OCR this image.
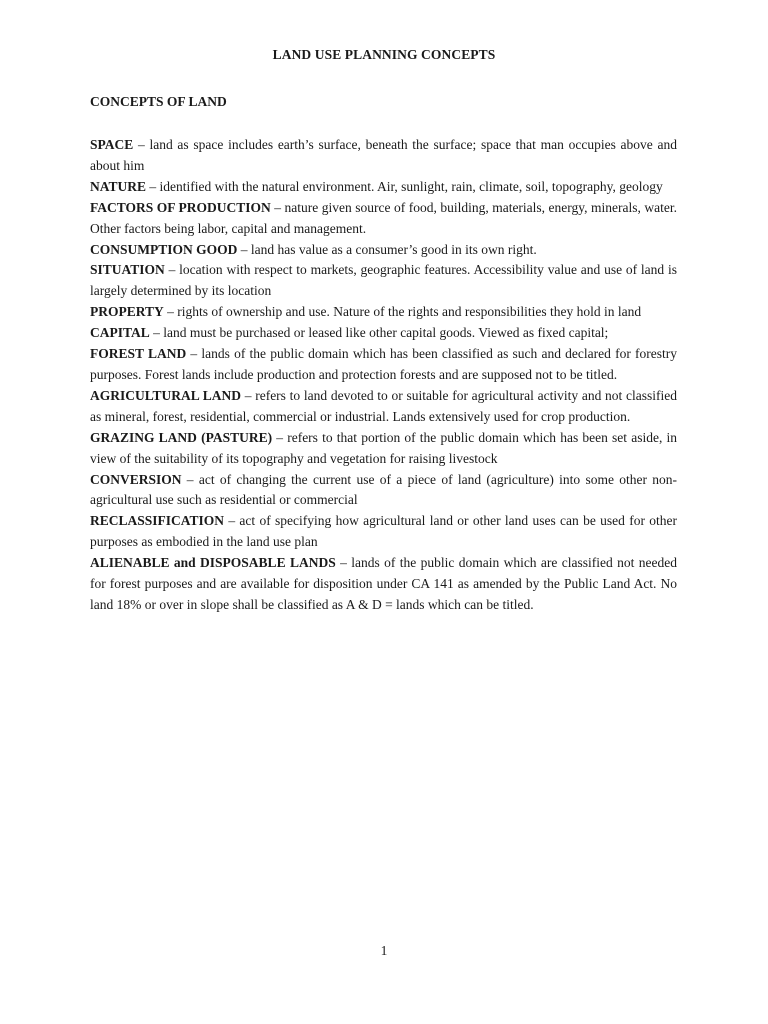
LAND USE PLANNING CONCEPTS
CONCEPTS OF LAND

SPACE – land as space includes earth’s surface, beneath the surface; space that man occupies above and about him

NATURE – identified with the natural environment. Air, sunlight, rain, climate, soil, topography, geology

FACTORS OF PRODUCTION – nature given source of food, building, materials, energy, minerals, water. Other factors being labor, capital and management.

CONSUMPTION GOOD – land has value as a consumer’s good in its own right.

SITUATION – location with respect to markets, geographic features. Accessibility value and use of land is largely determined by its location

PROPERTY – rights of ownership and use. Nature of the rights and responsibilities they hold in land

CAPITAL – land must be purchased or leased like other capital goods. Viewed as fixed capital;

FOREST LAND – lands of the public domain which has been classified as such and declared for forestry purposes. Forest lands include production and protection forests and are supposed not to be titled.

AGRICULTURAL LAND – refers to land devoted to or suitable for agricultural activity and not classified as mineral, forest, residential, commercial or industrial. Lands extensively used for crop production.

GRAZING LAND (PASTURE) – refers to that portion of the public domain which has been set aside, in view of the suitability of its topography and vegetation for raising livestock

CONVERSION – act of changing the current use of a piece of land (agriculture) into some other non-agricultural use such as residential or commercial

RECLASSIFICATION – act of specifying how agricultural land or other land uses can be used for other purposes as embodied in the land use plan

ALIENABLE and DISPOSABLE LANDS – lands of the public domain which are classified not needed for forest purposes and are available for disposition under CA 141 as amended by the Public Land Act. No land 18% or over in slope shall be classified as A & D = lands which can be titled.

1
